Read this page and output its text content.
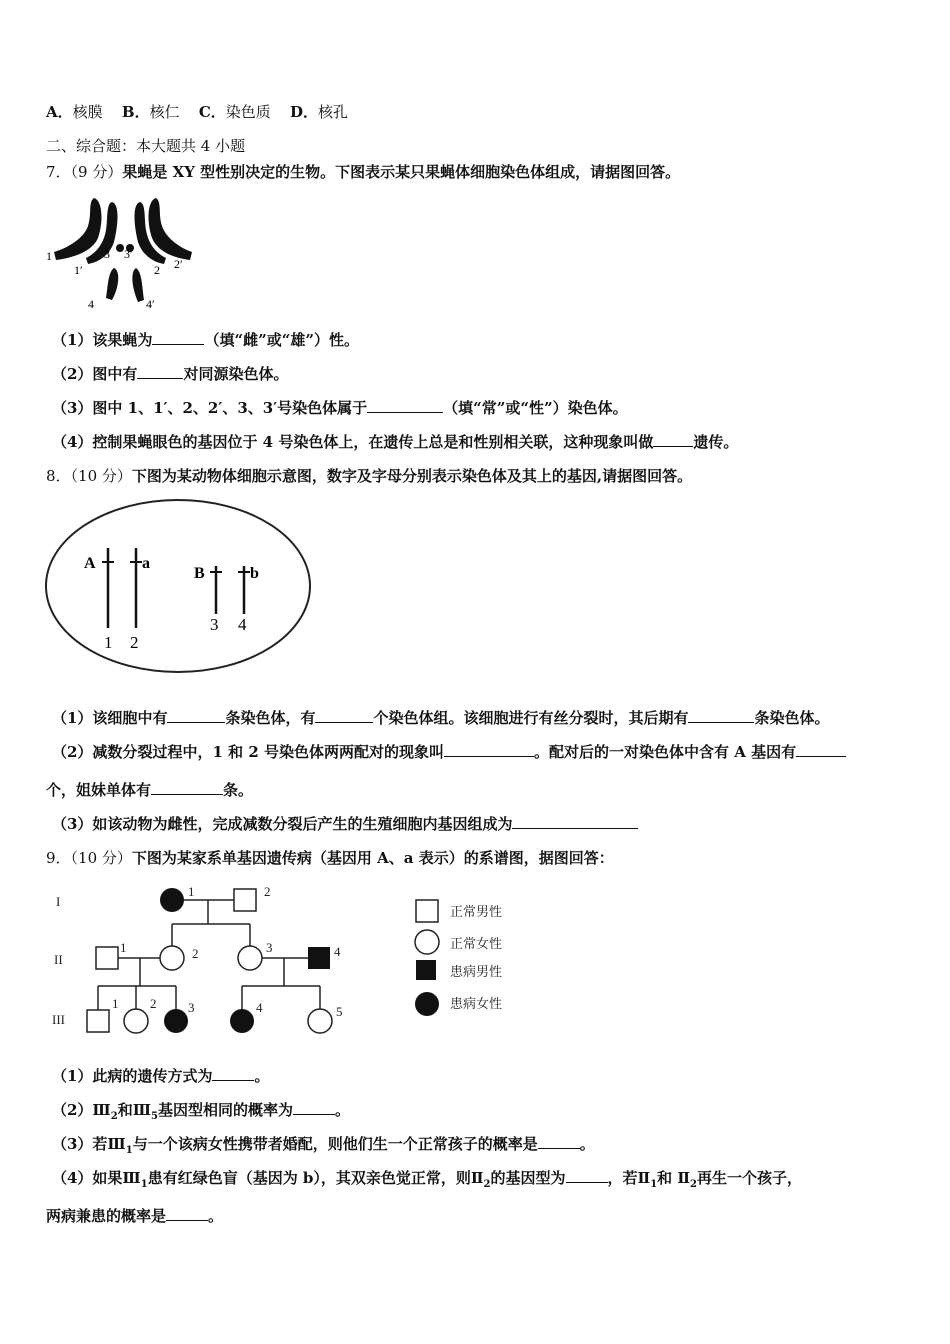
A．核膜 B．核仁 C．染色质 D．核孔
二、综合题：本大题共 4 小题
7．（9 分）果蝇是 XY 型性别决定的生物。下图表示某只果蝇体细胞染色体组成，请据图回答。
1
1′
3 3′
2 2′
4	4′
（1）该果蝇为	（填“雌”或“雄”）性。
（2）图中有	对同源染色体。
（3）图中 1、1′、2、2′、3、3′号染色体属于	（填“常”或“性”）染色体。
（4）控制果蝇眼色的基因位于 4 号染色体上，在遗传上总是和性别相关联，这种现象叫做	遗传。
8．（10 分）下图为某动物体细胞示意图，数字及字母分别表示染色体及其上的基因,请据图回答。
A	a
B	b
1 2
3 4
（1）该细胞中有	条染色体，有	个染色体组。该细胞进行有丝分裂时，其后期有	条染色体。
（2）减数分裂过程中，1 和 2 号染色体两两配对的现象叫	。配对后的一对染色体中含有 A 基因有
个，姐妹单体有	条。
（3）如该动物为雌性，完成减数分裂后产生的生殖细胞内基因组成为
9．（10 分）下图为某家系单基因遗传病（基因用 A、a 表示）的系谱图，据图回答：
I
II
III
1	2
1	2	3	4
1 2 3	4	5
正常男性
正常女性
患病男性
患病女性
（1）此病的遗传方式为	。
$(2)Ⅲ_2$和$Ⅲ_5$基因型相同的概率为	。
（3）若$Ⅲ_1$与一个该病女性携带者婚配，则他们生一个正常孩子的概率是	。
（4）如果$Ⅲ_1$患有红绿色盲（基因为 b），其双亲色觉正常，则$Ⅱ_2$的基因型为	，若$Ⅱ_1$和 $Ⅱ_2$再生一个孩子，
两病兼患的概率是	。
